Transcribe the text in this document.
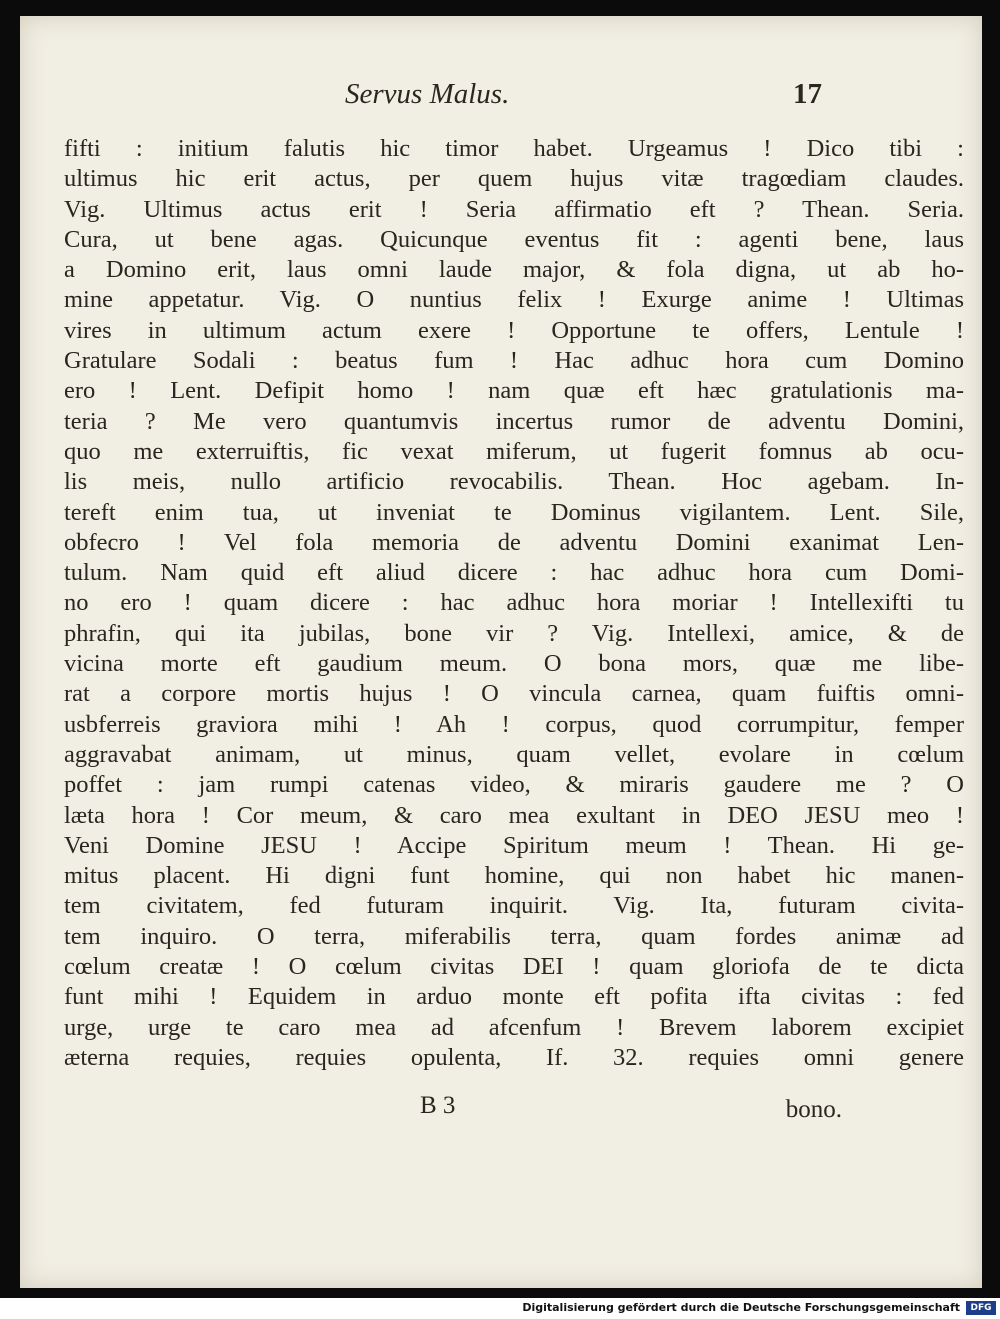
Servus Malus.	17
fifti : initium falutis hic timor habet. Urgeamus ! Dico tibi :
ultimus hic erit actus, per quem hujus vitæ tragœdiam claudes.
Vig. Ultimus actus erit ! Seria affirmatio eft ? Thean. Seria.
Cura, ut bene agas. Quicunque eventus fit : agenti bene, laus
a Domino erit, laus omni laude major, & fola digna, ut ab ho-
mine appetatur. Vig. O nuntius felix ! Exurge anime ! Ultimas
vires in ultimum actum exere ! Opportune te offers, Lentule !
Gratulare Sodali : beatus fum ! Hac adhuc hora cum Domino
ero ! Lent. Defipit homo ! nam quæ eft hæc gratulationis ma-
teria ? Me vero quantumvis incertus rumor de adventu Domini,
quo me exterruiftis, fic vexat miferum, ut fugerit fomnus ab ocu-
lis meis, nullo artificio revocabilis. Thean. Hoc agebam. In-
tereft enim tua, ut inveniat te Dominus vigilantem. Lent. Sile,
obfecro ! Vel fola memoria de adventu Domini exanimat Len-
tulum. Nam quid eft aliud dicere : hac adhuc hora cum Domi-
no ero ! quam dicere : hac adhuc hora moriar ! Intellexifti tu
phrafin, qui ita jubilas, bone vir ? Vig. Intellexi, amice, & de
vicina morte eft gaudium meum. O bona mors, quæ me libe-
rat a corpore mortis hujus ! O vincula carnea, quam fuiftis omni-
usbferreis graviora mihi ! Ah ! corpus, quod corrumpitur, femper
aggravabat animam, ut minus, quam vellet, evolare in cœlum
poffet : jam rumpi catenas video, & miraris gaudere me ? O
læta hora ! Cor meum, & caro mea exultant in DEO JESU meo !
Veni Domine JESU ! Accipe Spiritum meum ! Thean. Hi ge-
mitus placent. Hi digni funt homine, qui non habet hic manen-
tem civitatem, fed futuram inquirit. Vig. Ita, futuram civita-
tem inquiro. O terra, miferabilis terra, quam fordes animæ ad
cœlum creatæ ! O cœlum civitas DEI ! quam gloriofa de te dicta
funt mihi ! Equidem in arduo monte eft pofita ifta civitas : fed
urge, urge te caro mea ad afcenfum ! Brevem laborem excipiet
æterna requies, requies opulenta, If. 32. requies omni genere
B 3	bono.
Digitalisierung gefördert durch die Deutsche Forschungsgemeinschaft	DFG
